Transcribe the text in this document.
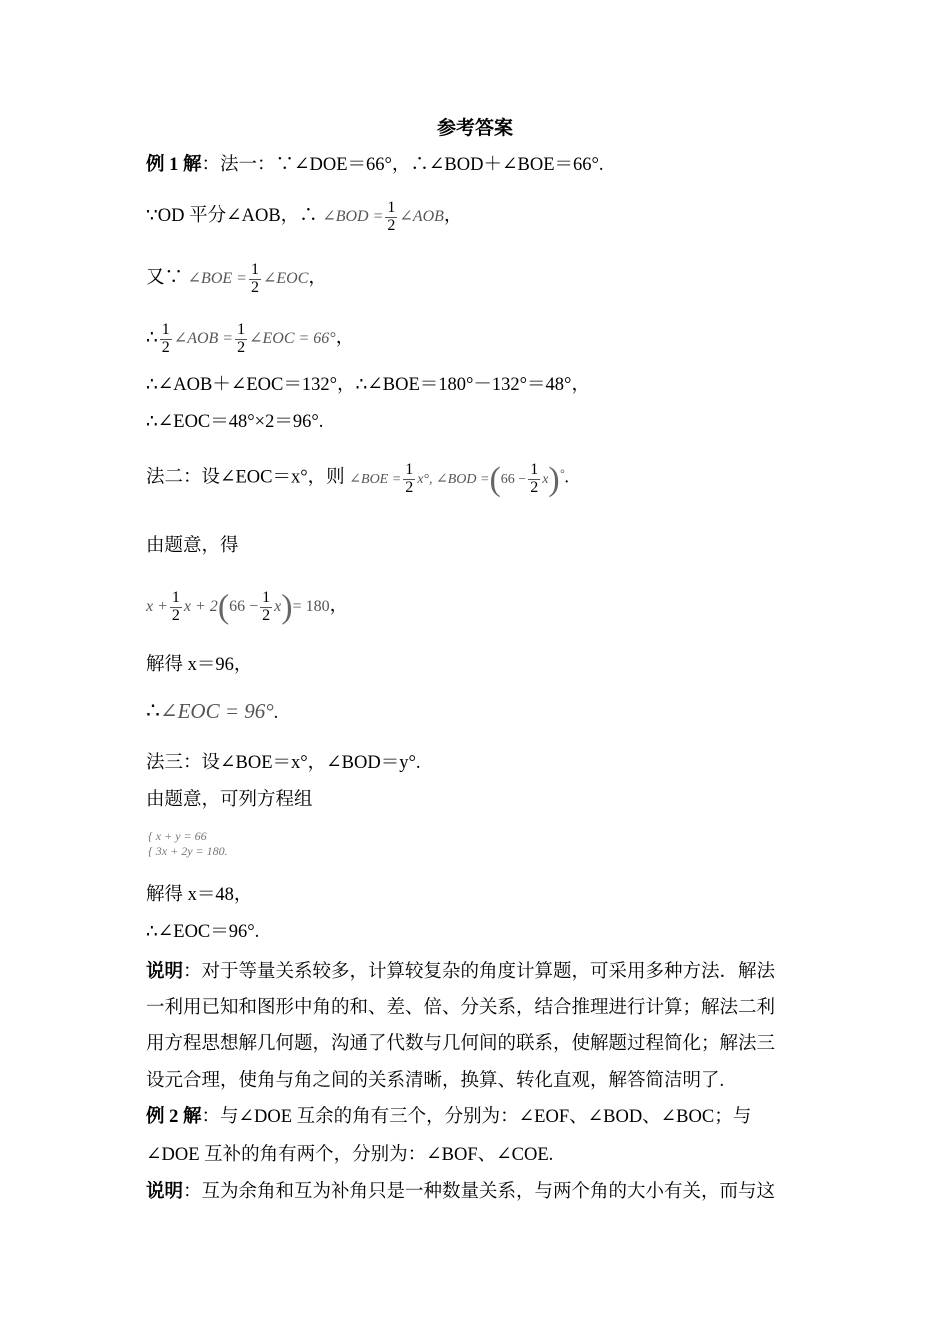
参考答案
例 1 解：法一：∵∠DOE＝66°，∴∠BOD＋∠BOE＝66°.
∵OD 平分∠AOB，∴ ∠BOD = $\frac{1}{2}$ ∠AOB，
又∵ ∠BOE = $\frac{1}{2}$ ∠EOC，
∴ $\frac{1}{2}$ ∠AOB = $\frac{1}{2}$ ∠EOC = 66°，
∴∠AOB＋∠EOC＝132°，∴∠BOE＝180°－132°＝48°，
∴∠EOC＝48°×2＝96°.
法二：设∠EOC＝x°，则 ∠BOE = $\frac{1}{2} x^\circ$, ∠BOD $=(66 - \frac{1}{2} x)^\circ$.
由题意，得
$x + \frac{1}{2}$ $x + 2(66 - \frac{1}{2} x)= 180$，
解得 x＝96，
∴∠EOC = 96°.
法三：设∠BOE＝x°，∠BOD＝y°.
由题意，可列方程组
{ x + y = 66
{ 3x + 2y = 180.
解得 x＝48，
∴∠EOC＝96°.
说明：对于等量关系较多，计算较复杂的角度计算题，可采用多种方法．解法
一利用已知和图形中角的和、差、倍、分关系，结合推理进行计算；解法二利
用方程思想解几何题，沟通了代数与几何间的联系，使解题过程简化；解法三
设元合理，使角与角之间的关系清晰，换算、转化直观，解答简洁明了.
例 2 解：与∠DOE 互余的角有三个，分别为：∠EOF、∠BOD、∠BOC；与
∠DOE 互补的角有两个，分别为：∠BOF、∠COE.
说明：互为余角和互为补角只是一种数量关系，与两个角的大小有关，而与这
